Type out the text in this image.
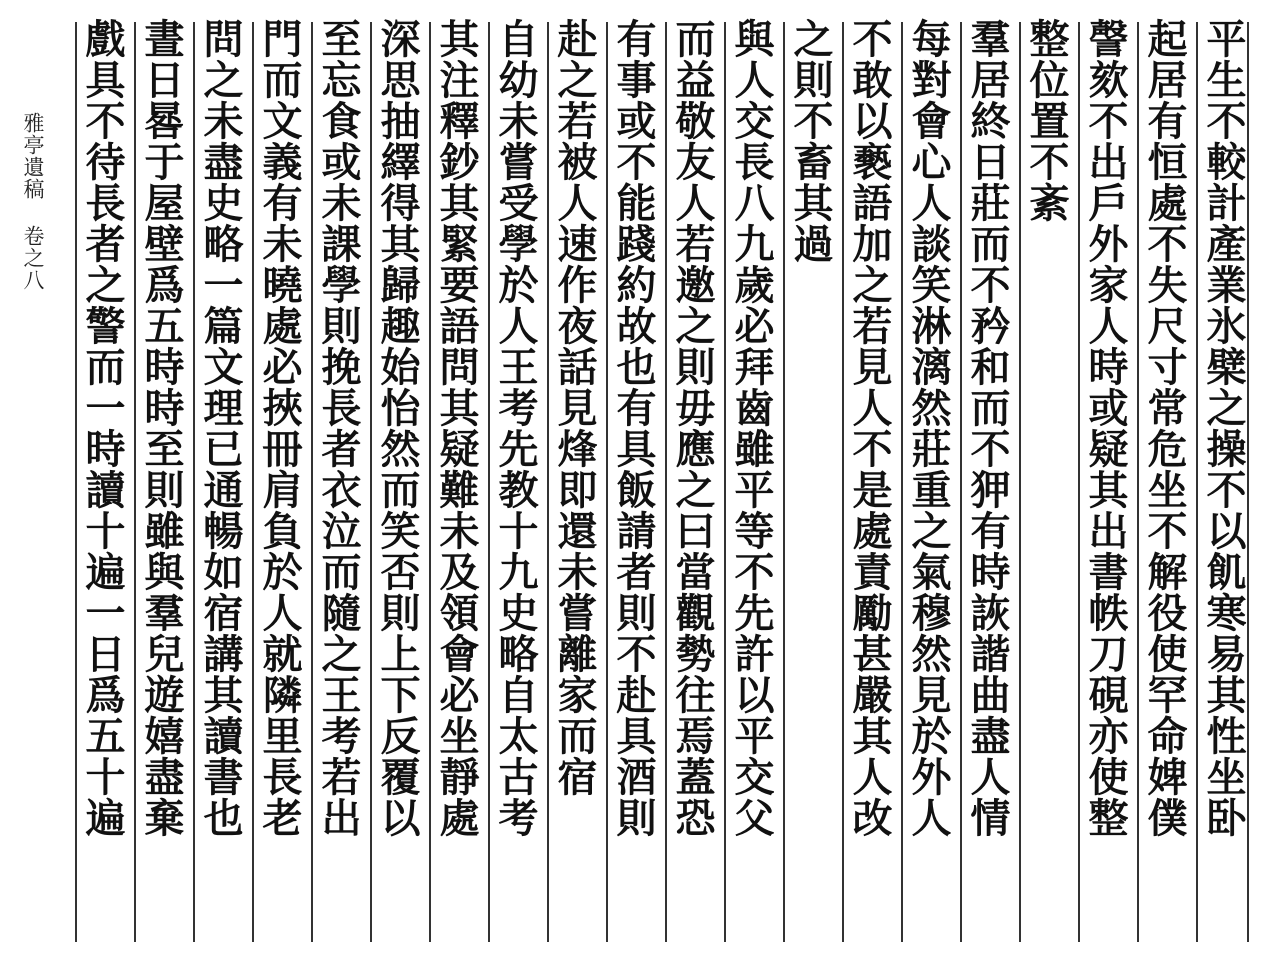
雅亭遺稿 卷之八 戲具不待長者之警而一時讀十遍一日爲五十遍 晝日晷于屋壁爲五時時至則雖與羣兒遊嬉盡棄 問之未盡史略一篇文理已通暢如宿講其讀書也 門而文義有未曉處必挾冊肩負於人就隣里長老 至忘食或未課學則挽長者衣泣而隨之王考若出 深思抽繹得其歸趣始怡然而笑否則上下反覆以 其注釋鈔其緊要語問其疑難未及領會必坐靜處 自幼未嘗受學於人王考先教十九史略自太古考 赴之若被人速作夜話見烽即還未嘗離家而宿 有事或不能踐約故也有具飯請者則不赴具酒則 而益敬友人若邀之則毋應之曰當觀勢往焉蓋恐 與人交長八九歲必拜齒雖平等不先許以平交父 之則不畜其過 不敢以褻語加之若見人不是處責勵甚嚴其人改 每對會心人談笑淋漓然莊重之氣穆然見於外人 羣居終日莊而不矜和而不狎有時詼諧曲盡人情 整位置不紊 謦欬不出戶外家人時或疑其出書帙刀硯亦使整 起居有恒處不失尺寸常危坐不解役使罕命婢僕 平生不較計產業氷檗之操不以飢寒易其性坐卧
